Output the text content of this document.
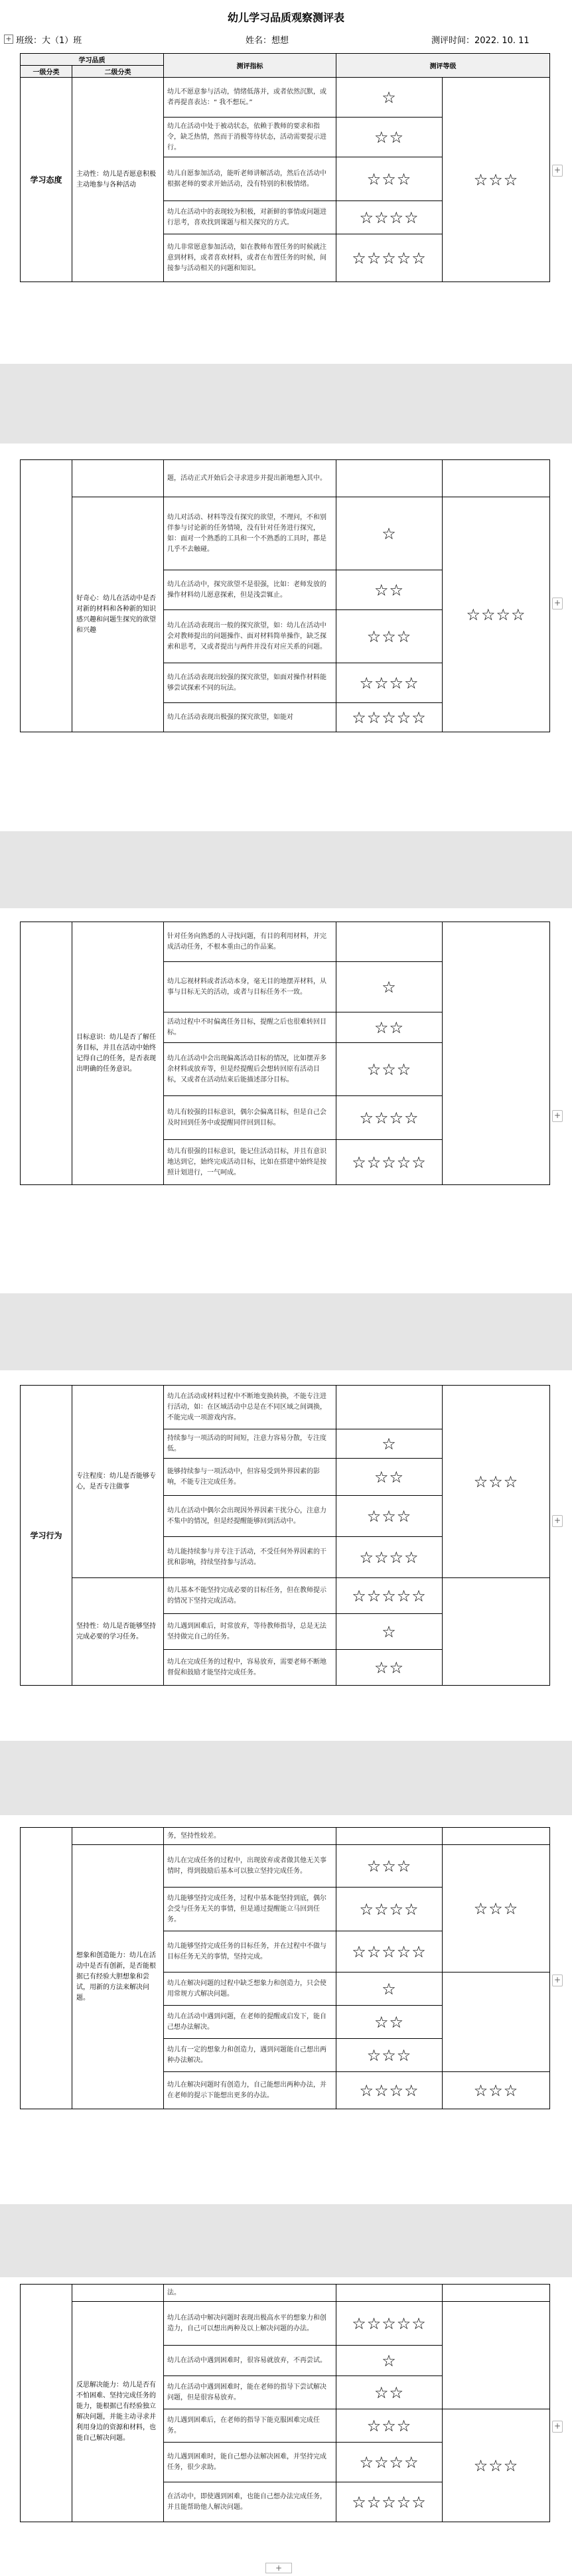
幼儿学习品质观察测评表
+ 班级：大（1）班	姓名：想想	测评时间：2022. 10. 11
学习品质		测评指标	测评等级	
一级分类	二级分类			
学习态度	主动性：幼儿是否愿意积极主动地参与各种活动	幼儿不愿意参与活动，情绪低落并，或者依然沉默，或者再提喜表达：“ 我不想玩。”	☆	☆☆☆
		幼儿在活动中处于被动状态，依赖于教师的要求和指令，缺乏热情，然而于消极等待状态，活动需要提示进行。	☆☆	
		幼儿自愿参加活动，能听老师讲解活动，然后在活动中根据老师的要求开始活动，没有特别的积极情绪。	☆☆☆	
		幼儿在活动中的表现较为积极，对新鲜的事情或问题进行思考，喜欢找到课题与相关探究的方式。	☆☆☆☆	
		幼儿非常愿意参加活动，如在教师布置任务的时候就注意到材料，或者喜欢材料，或者在布置任务的时候，间接参与活动相关的问题和知识。	☆☆☆☆☆	
+
		题，活动正式开始后会寻求进步并提出新地想入其中。		
	好奇心：幼儿在活动中是否对新的材料和各种新的知识感兴趣和问题生探究的欲望和兴趣	幼儿对活动、材料等没有探究的欲望，不理问，不和别伴参与讨论新的任务情境，没有针对任务进行探究，如：面对一个熟悉的工具和一个不熟悉的工具时，都是几乎不去触碰。	☆	☆☆☆☆
		幼儿在活动中，探究欲望不是很强，比如：老师发放的操作材料幼儿愿意探索，但是浅尝辄止。	☆☆	
		幼儿在活动表现出一般的探究欲望，如：幼儿在活动中会对教师提出的问题操作、面对材料简单操作，缺乏探索和思考，又或者提出与两件并没有对应关系的问题。	☆☆☆	
		幼儿在活动表现出较强的探究欲望，如面对操作材料能够尝试探索不同的玩法。	☆☆☆☆	
		幼儿在活动表现出极强的探究欲望，如能对	☆☆☆☆☆	
+
	目标意识：幼儿是否了解任务目标，并且在活动中始终记得自己的任务，是否表现出明确的任务意识。	针对任务向熟悉的人寻找问题，有目的利用材料，并完成活动任务，不根本重由己的作品案。		
		幼儿忘视材料或者活动本身，毫无目的地摆弄材料，从事与目标无关的活动，或者与目标任务不一致。	☆	
		活动过程中不时偏离任务目标，提醒之后也很难转回目标。	☆☆	
		幼儿在活动中会出现偏离活动目标的情况，比如摆弄多余材料或放弃等，但是经提醒后会想转回原有活动目标，又或者在活动结束后能描述部分目标。	☆☆☆	
		幼儿有较强的目标意识，偶尔会偏离目标，但是自己会及时回到任务中或提醒同伴回到目标。	☆☆☆☆	
		幼儿有很强的目标意识，能记住活动目标，并且有意识地达到它，始终完成活动目标，比如在搭建中始终是按照计划进行，一气呵成。	☆☆☆☆☆	
+
学习行为	专注程度：幼儿是否能够专心，是否专注做事	幼儿在活动或材料过程中不断地变换转换，不能专注进行活动，如：在区域活动中总是在不同区域之间调换，不能完成一项游戏内容。		☆☆☆
		持续参与一项活动的时间短，注意力容易分散，专注度低。	☆	
		能够持续参与一项活动中，但容易受到外界因素的影响，不能专注完成任务。	☆☆	
		幼儿在活动中偶尔会出现因外界因素干扰分心，注意力不集中的情况，但是经提醒能够回到活动中。	☆☆☆	
		幼儿能持续参与并专注于活动，不受任何外界因素的干扰和影响，持续坚持参与活动。	☆☆☆☆	
	坚持性：幼儿是否能够坚持完成必要的学习任务。	幼儿基本不能坚持完成必要的目标任务，但在教师提示的情况下坚持完成活动。	☆☆☆☆☆	
		幼儿遇到困难后，时常放弃，等待教师指导，总是无法坚持做完自己的任务。	☆	
		幼儿在完成任务的过程中，容易放弃，需要老师不断地督促和鼓励才能坚持完成任务。	☆☆	
+
		务，坚持性较差。		
	想象和创造能力：幼儿在活动中是否有创新，是否能根据已有经验大胆想象和尝试，用新的方法来解决问题。	幼儿在完成任务的过程中，出现放弃或者做其他无关事情时，得到鼓励后基本可以独立坚持完成任务。	☆☆☆	☆☆☆
		幼儿能够坚持完成任务，过程中基本能坚持到底，偶尔会受与任务无关的事情，但是通过提醒能立马回到任务。	☆☆☆☆	
		幼儿能够坚持完成任务的目标任务，并在过程中不做与目标任务无关的事情，坚持完成。	☆☆☆☆☆	
		幼儿在解决问题的过程中缺乏想象力和创造力，只会使用常规方式解决问题。	☆	
		幼儿在活动中遇到问题，在老师的提醒或启发下，能自己想办法解决。	☆☆	
		幼儿有一定的想象力和创造力，遇到问题能自己想出两种办法解决。	☆☆☆	
		幼儿在解决问题时有创造力，自己能想出两种办法，并在老师的提示下能想出更多的办法。	☆☆☆☆	☆☆☆
+
		法。		
	反思解决能力：幼儿是否有不怕困难、坚持完成任务的能力，能根据已有经验独立解决问题，并能主动寻求并利用身边的资源和材料，也能自己解决问题。	幼儿在活动中解决问题时表现出极高水平的想象力和创造力，自己可以想出两种及以上解决问题的办法。	☆☆☆☆☆	
		幼儿在活动中遇到困难时，很容易就放弃，不再尝试。	☆	
		幼儿在活动中遇到困难时，能在老师的指导下尝试解决问题，但是很容易放弃。	☆☆	
		幼儿遇到困难后，在老师的指导下能克服困难完成任务。	☆☆☆	☆☆☆
		幼儿遇到困难时，能自己想办法解决困难，并坚持完成任务，很少求助。	☆☆☆☆	
		在活动中，即使遇到困难，也能自己想办法完成任务，并且能帮助他人解决问题。	☆☆☆☆☆	
+
+
